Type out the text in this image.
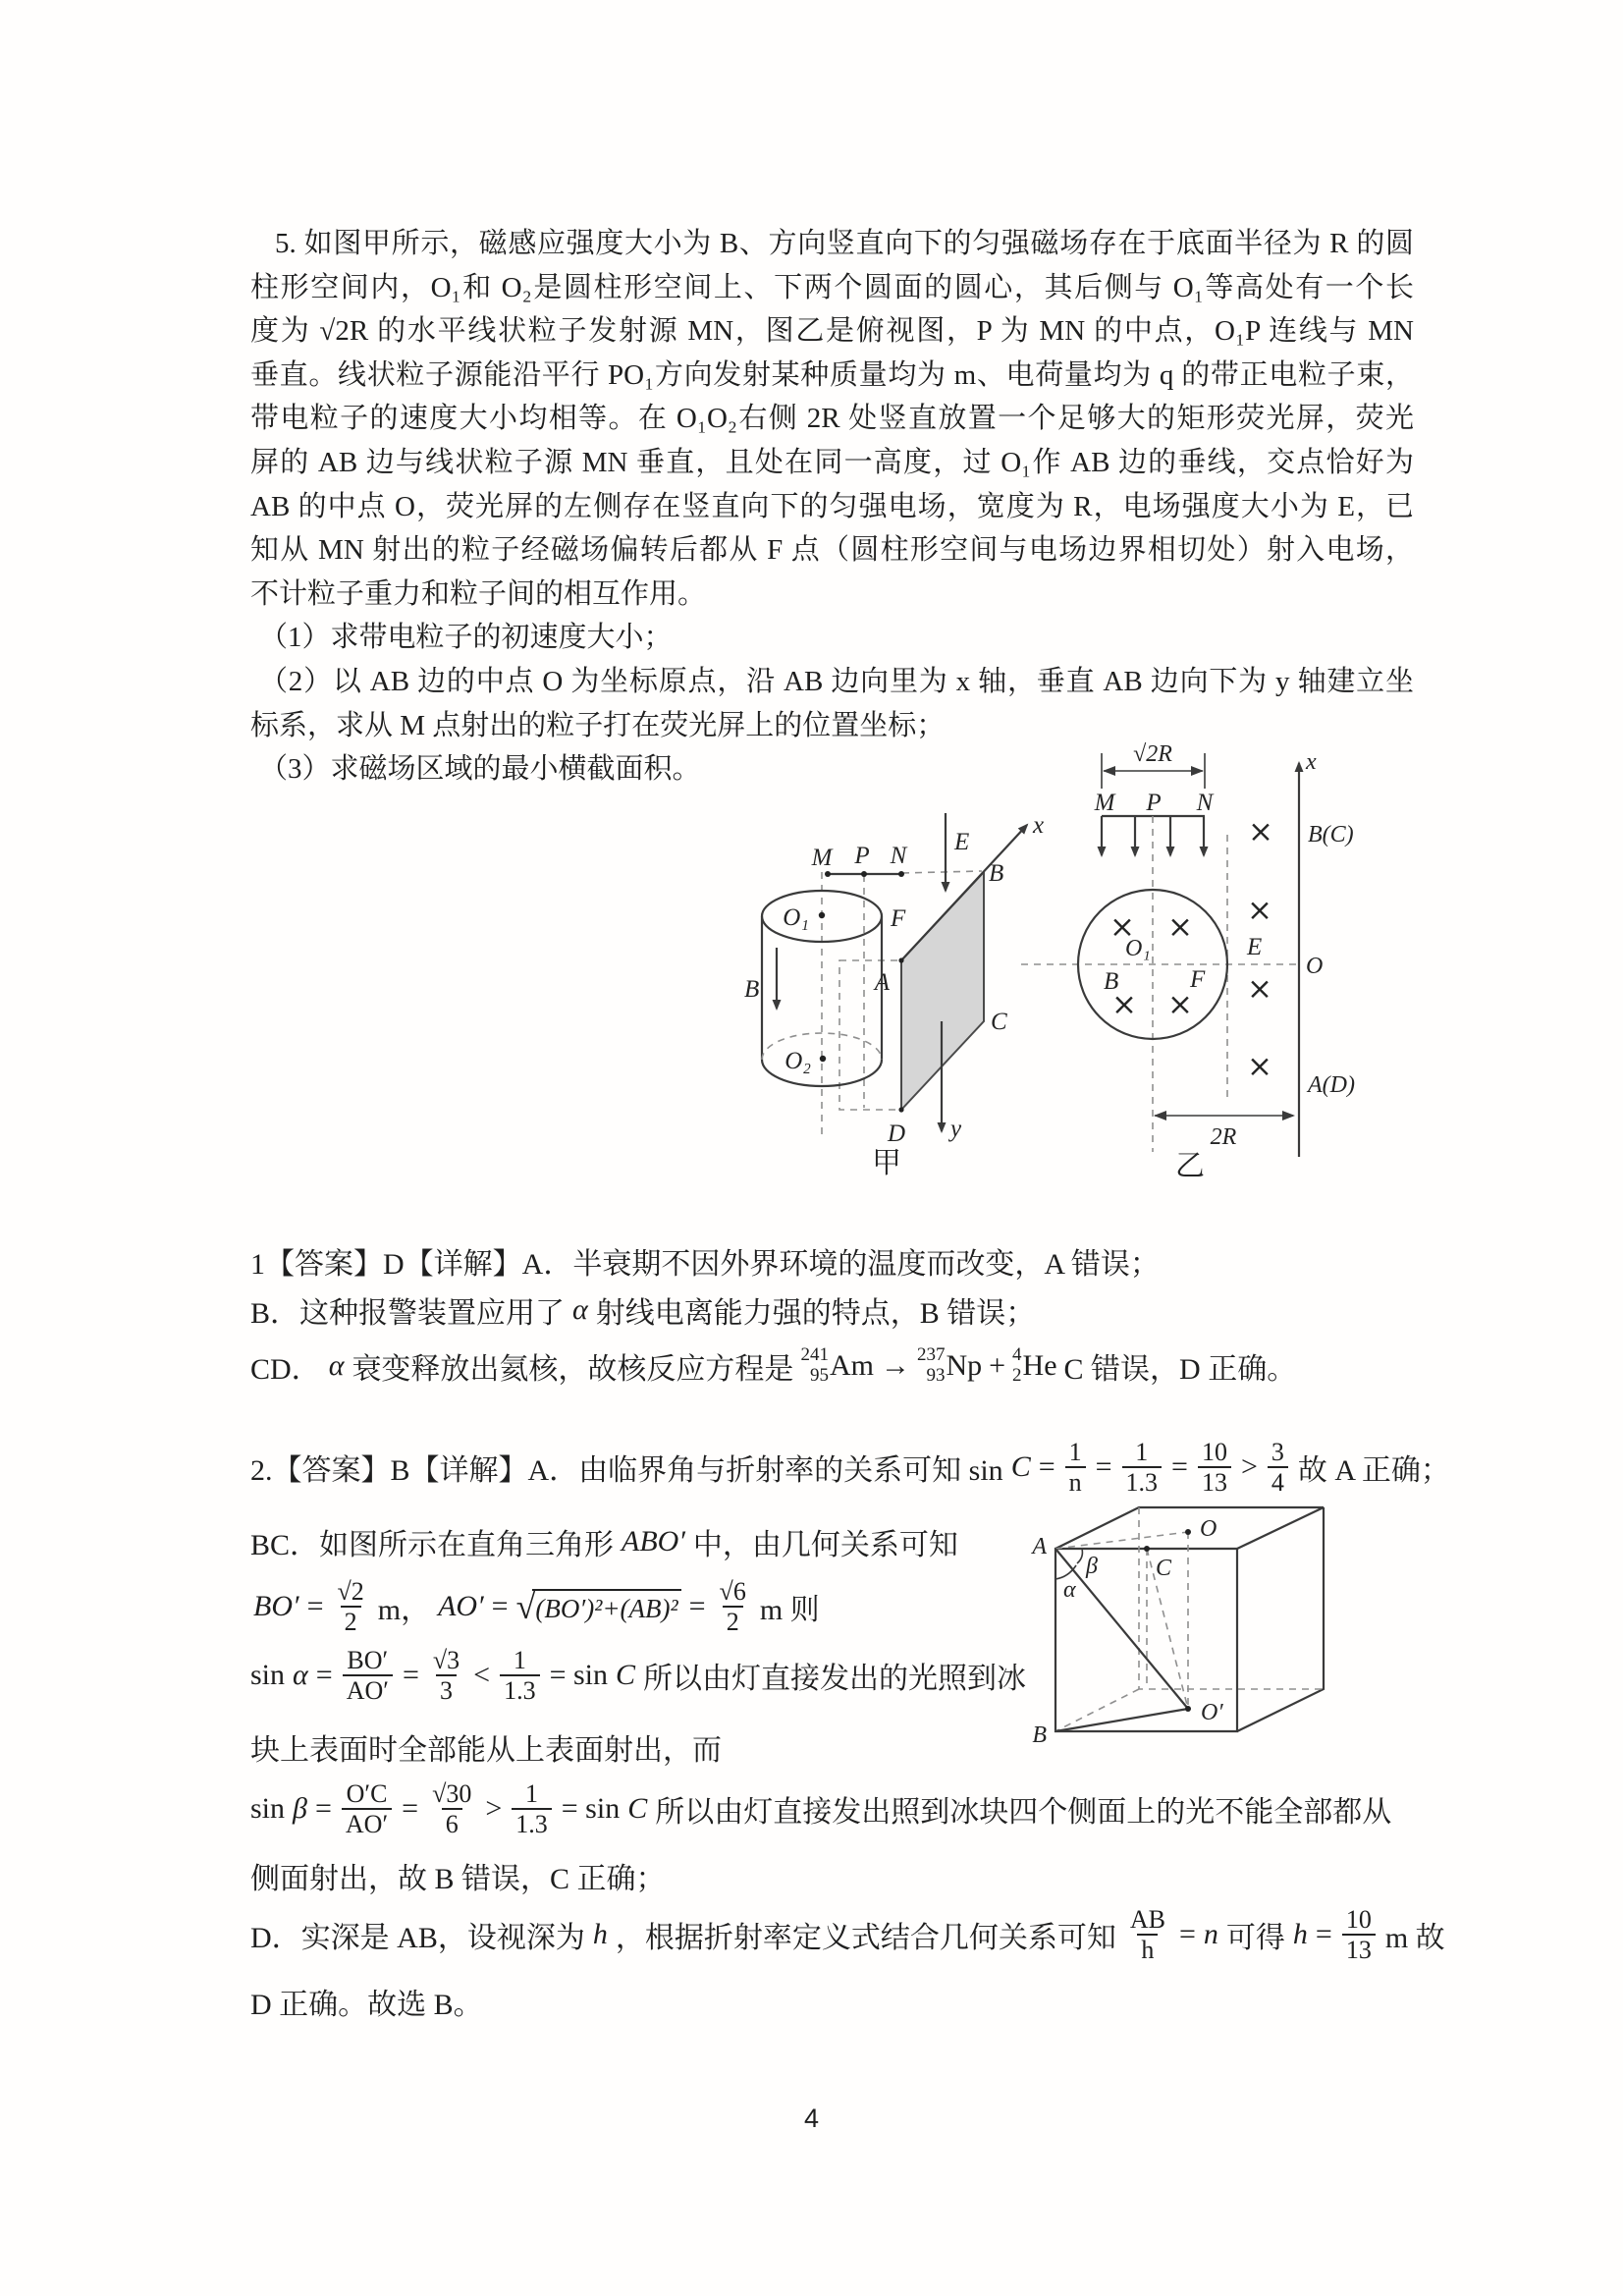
5. 如图甲所示，磁感应强度大小为 B、方向竖直向下的匀强磁场存在于底面半径为 R 的圆
柱形空间内，O₁和 O₂是圆柱形空间上、下两个圆面的圆心，其后侧与 O₁等高处有一个长
度为 √2R 的水平线状粒子发射源 MN，图乙是俯视图，P 为 MN 的中点，O₁P 连线与 MN
垂直。线状粒子源能沿平行 PO₁方向发射某种质量均为 m、电荷量均为 q 的带正电粒子束，
带电粒子的速度大小均相等。在 O₁O₂右侧 2R 处竖直放置一个足够大的矩形荧光屏，荧光
屏的 AB 边与线状粒子源 MN 垂直，且处在同一高度，过 O₁作 AB 边的垂线，交点恰好为
AB 的中点 O，荧光屏的左侧存在竖直向下的匀强电场，宽度为 R，电场强度大小为 E，已
知从 MN 射出的粒子经磁场偏转后都从 F 点（圆柱形空间与电场边界相切处）射入电场，
不计粒子重力和粒子间的相互作用。
（1）求带电粒子的初速度大小；
（2）以 AB 边的中点 O 为坐标原点，沿 AB 边向里为 x 轴，垂直 AB 边向下为 y 轴建立坐
标系，求从 M 点射出的粒子打在荧光屏上的位置坐标；
（3）求磁场区域的最小横截面积。
M P N
O₁
O₂
B
F
A
B
C
D
E
x
y
甲
√2R
M P N
O₁
B	F
× ×
× ×
×
×
×
×
E
x
B(C)
O
A(D)
2R
乙
1【答案】D【详解】A．半衰期不因外界环境的温度而改变，A 错误；
B．这种报警装置应用了 α 射线电离能力强的特点，B 错误；
CD． α 衰变释放出氦核，故核反应方程是 241
95 Am → 237
93 Np + 4
2 He C 错误，D 正确。
2.【答案】B【详解】A．由临界角与折射率的关系可知 $\sin C = \frac{1}{n} = \frac{1}{1.3} = \frac{10}{13} > \frac{3}{4}$ 故 A 正确；
BC．如图所示在直角三角形 ABO′ 中，由几何关系可知
$BO' = \frac{√2}{2}$ m， AO′ = √ $(BO')^2+(AB)^2 = \frac{√6}{2}$ m 则
$\sin \alpha = \frac{BO'}{AO'} = \frac{√3}{3} < \frac{1}{1.3} = \sin C$ 所以由灯直接发出的光照到冰
块上表面时全部能从上表面射出，而
$\sin \beta = \frac{O'C}{AO'} = \frac{√30}{6} > \frac{1}{1.3} = \sin C$ 所以由灯直接发出照到冰块四个侧面上的光不能全部都从
侧面射出，故 B 错误，C 正确；
D．实深是 AB，设视深为 h ，根据折射率定义式结合几何关系可知 $\frac{AB}{h} = n$ 可得 $h = \frac{10}{13}$ m 故
D 正确。故选 B。
A
B
O
C
O′
α
β
4
